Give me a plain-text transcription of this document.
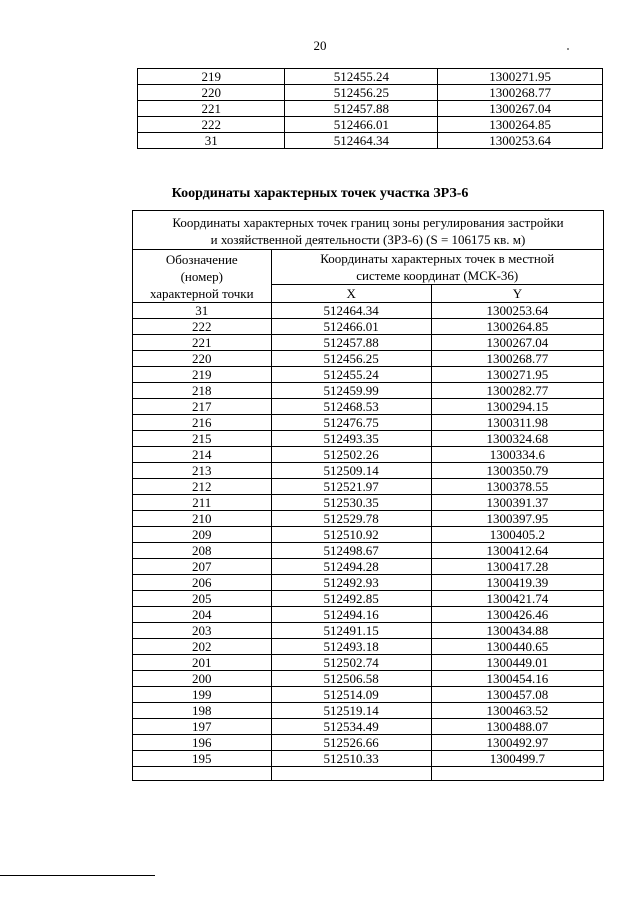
20
219	512455.24	1300271.95
220	512456.25	1300268.77
221	512457.88	1300267.04
222	512466.01	1300264.85
31	512464.34	1300253.64
Координаты характерных точек участка ЗРЗ-6
Координаты характерных точек границ зоны регулирования застройки
и хозяйственной деятельности (ЗРЗ-6) (S = 106175 кв. м)		
Обозначение
(номер)
характерной точки	Координаты характерных точек в местной
системе координат (МСК-36)	
	X	Y
31	512464.34	1300253.64
222	512466.01	1300264.85
221	512457.88	1300267.04
220	512456.25	1300268.77
219	512455.24	1300271.95
218	512459.99	1300282.77
217	512468.53	1300294.15
216	512476.75	1300311.98
215	512493.35	1300324.68
214	512502.26	1300334.6
213	512509.14	1300350.79
212	512521.97	1300378.55
211	512530.35	1300391.37
210	512529.78	1300397.95
209	512510.92	1300405.2
208	512498.67	1300412.64
207	512494.28	1300417.28
206	512492.93	1300419.39
205	512492.85	1300421.74
204	512494.16	1300426.46
203	512491.15	1300434.88
202	512493.18	1300440.65
201	512502.74	1300449.01
200	512506.58	1300454.16
199	512514.09	1300457.08
198	512519.14	1300463.52
197	512534.49	1300488.07
196	512526.66	1300492.97
195	512510.33	1300499.7
